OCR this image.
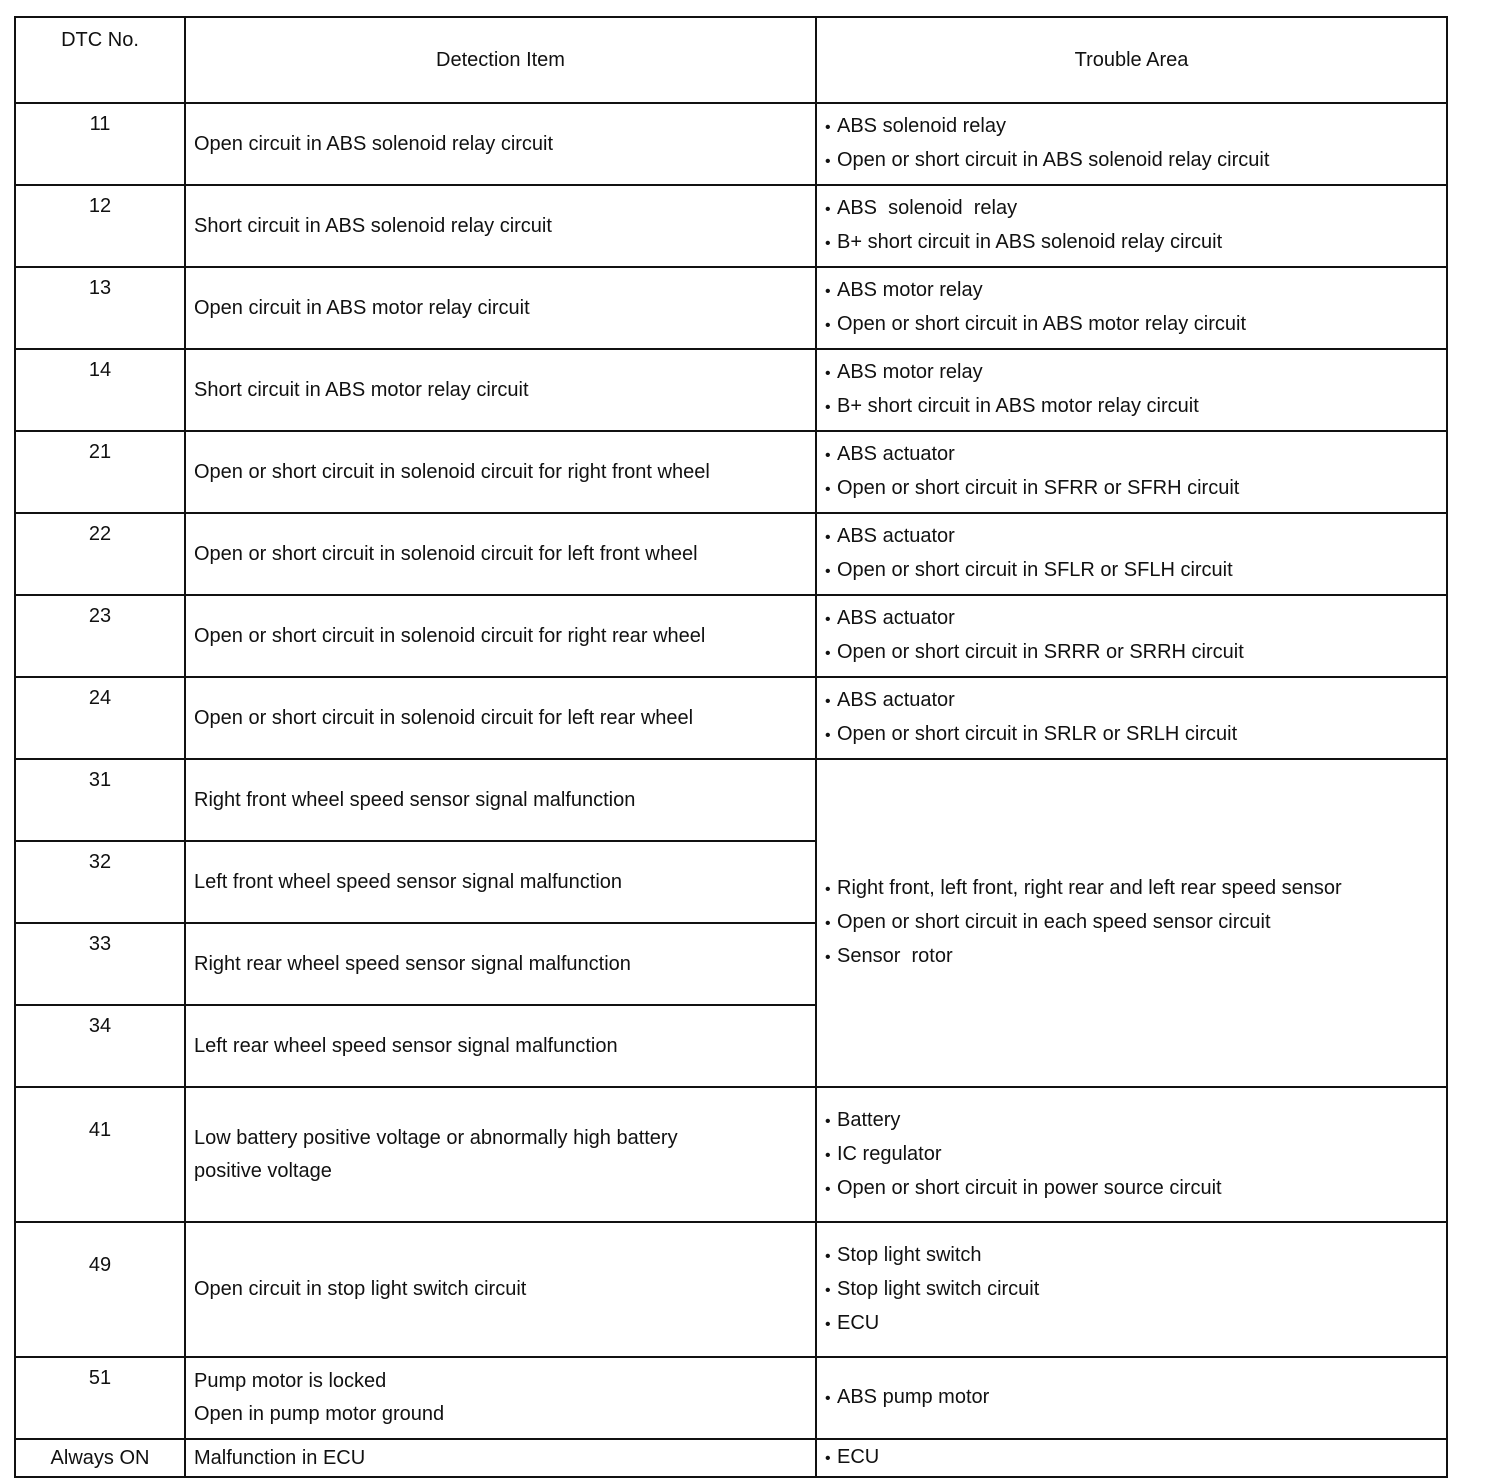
DTC No.	Detection Item	Trouble Area
11	Open circuit in ABS solenoid relay circuit	• ABS solenoid relay
• Open or short circuit in ABS solenoid relay circuit

12	Short circuit in ABS solenoid relay circuit	• ABS  solenoid  relay
• B+ short circuit in ABS solenoid relay circuit

13	Open circuit in ABS motor relay circuit	• ABS motor relay
• Open or short circuit in ABS motor relay circuit

14	Short circuit in ABS motor relay circuit	• ABS motor relay
• B+ short circuit in ABS motor relay circuit

21	Open or short circuit in solenoid circuit for right front wheel	• ABS actuator
• Open or short circuit in SFRR or SFRH circuit

22	Open or short circuit in solenoid circuit for left front wheel	• ABS actuator
• Open or short circuit in SFLR or SFLH circuit

23	Open or short circuit in solenoid circuit for right rear wheel	• ABS actuator
• Open or short circuit in SRRR or SRRH circuit

24	Open or short circuit in solenoid circuit for left rear wheel	• ABS actuator
• Open or short circuit in SRLR or SRLH circuit

31	Right front wheel speed sensor signal malfunction	• Right front, left front, right rear and left rear speed sensor
• Open or short circuit in each speed sensor circuit
• Sensor  rotor

32	Left front wheel speed sensor signal malfunction	

33	Right rear wheel speed sensor signal malfunction	

34	Left rear wheel speed sensor signal malfunction	

41	Low battery positive voltage or abnormally high battery
positive voltage	• Battery
• IC regulator
• Open or short circuit in power source circuit

49	Open circuit in stop light switch circuit	• Stop light switch
• Stop light switch circuit
• ECU

51	Pump motor is locked
Open in pump motor ground	• ABS pump motor

Always ON	Malfunction in ECU	• ECU
